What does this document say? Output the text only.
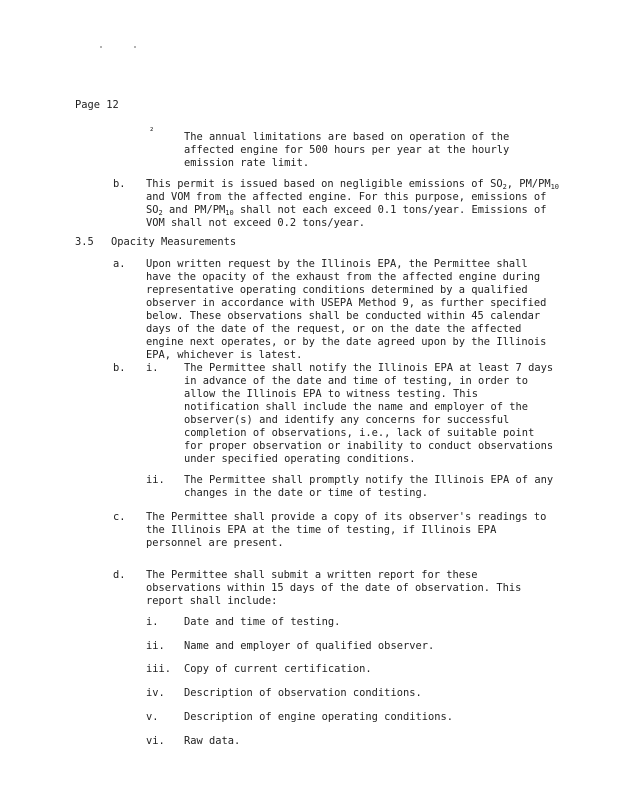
Page 12

²	The annual limitations are based on operation of the

affected engine for 500 hours per year at the hourly

emission rate limit.

b. This permit is issued based on negligible emissions of $SO_2$, $PM/PM_{10}$

and VOM from the affected engine. For this purpose, emissions of

$SO_2$ and $PM/PM_{10}$ shall not each exceed 0.1 tons/year. Emissions of

VOM shall not exceed 0.2 tons/year.

3.5 Opacity Measurements

a. Upon written request by the Illinois EPA, the Permittee shall

have the opacity of the exhaust from the affected engine during

representative operating conditions determined by a qualified

observer in accordance with USEPA Method 9, as further specified

below. These observations shall be conducted within 45 calendar

days of the date of the request, or on the date the affected

engine next operates, or by the date agreed upon by the Illinois

EPA, whichever is latest.

b. i. The Permittee shall notify the Illinois EPA at least 7 days

in advance of the date and time of testing, in order to

allow the Illinois EPA to witness testing. This

notification shall include the name and employer of the

observer(s) and identify any concerns for successful

completion of observations, i.e., lack of suitable point

for proper observation or inability to conduct observations

under specified operating conditions.

ii. The Permittee shall promptly notify the Illinois EPA of any

changes in the date or time of testing.

c. The Permittee shall provide a copy of its observer's readings to

the Illinois EPA at the time of testing, if Illinois EPA

personnel are present.

d. The Permittee shall submit a written report for these

observations within 15 days of the date of observation. This

report shall include:

i. Date and time of testing.

ii. Name and employer of qualified observer.

iii. Copy of current certification.

iv. Description of observation conditions.

v. Description of engine operating conditions.

vi. Raw data.
